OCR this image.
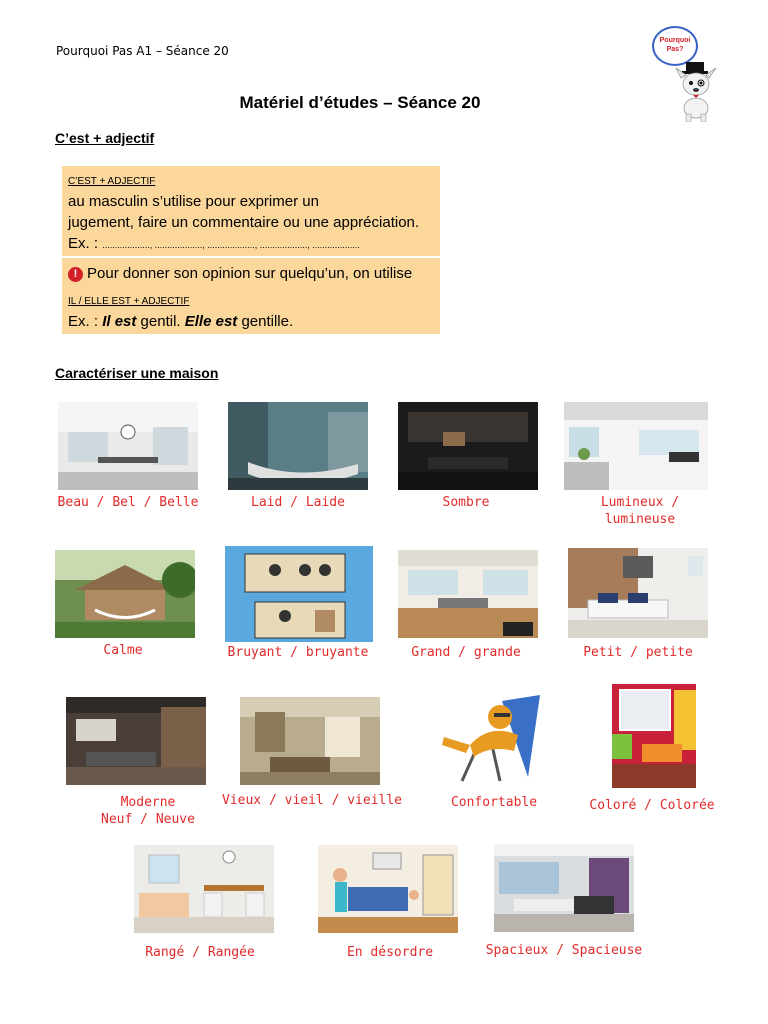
Pourquoi Pas A1 – Séance 20
Pourquoi Pas?
Matériel d’études – Séance 20
C’est + adjectif
C’EST + ADJECTIF
au masculin s’utilise pour exprimer un
jugement, faire un commentaire ou une appréciation.
Ex. : ..................., ..................., ..................., ..................., ...................
! Pour donner son opinion sur quelqu’un, on utilise
IL / ELLE EST + ADJECTIF
Ex. : Il est gentil. Elle est gentille.
Caractériser une maison
Beau / Bel / Belle	Laid / Laide	Sombre	Lumineux /
lumineuse
Calme	Bruyant / bruyante	Grand / grande	Petit / petite
Moderne
Neuf / Neuve
Vieux / vieil / vieille	Confortable	Coloré / Colorée
Rangé / Rangée	En désordre	Spacieux / Spacieuse
